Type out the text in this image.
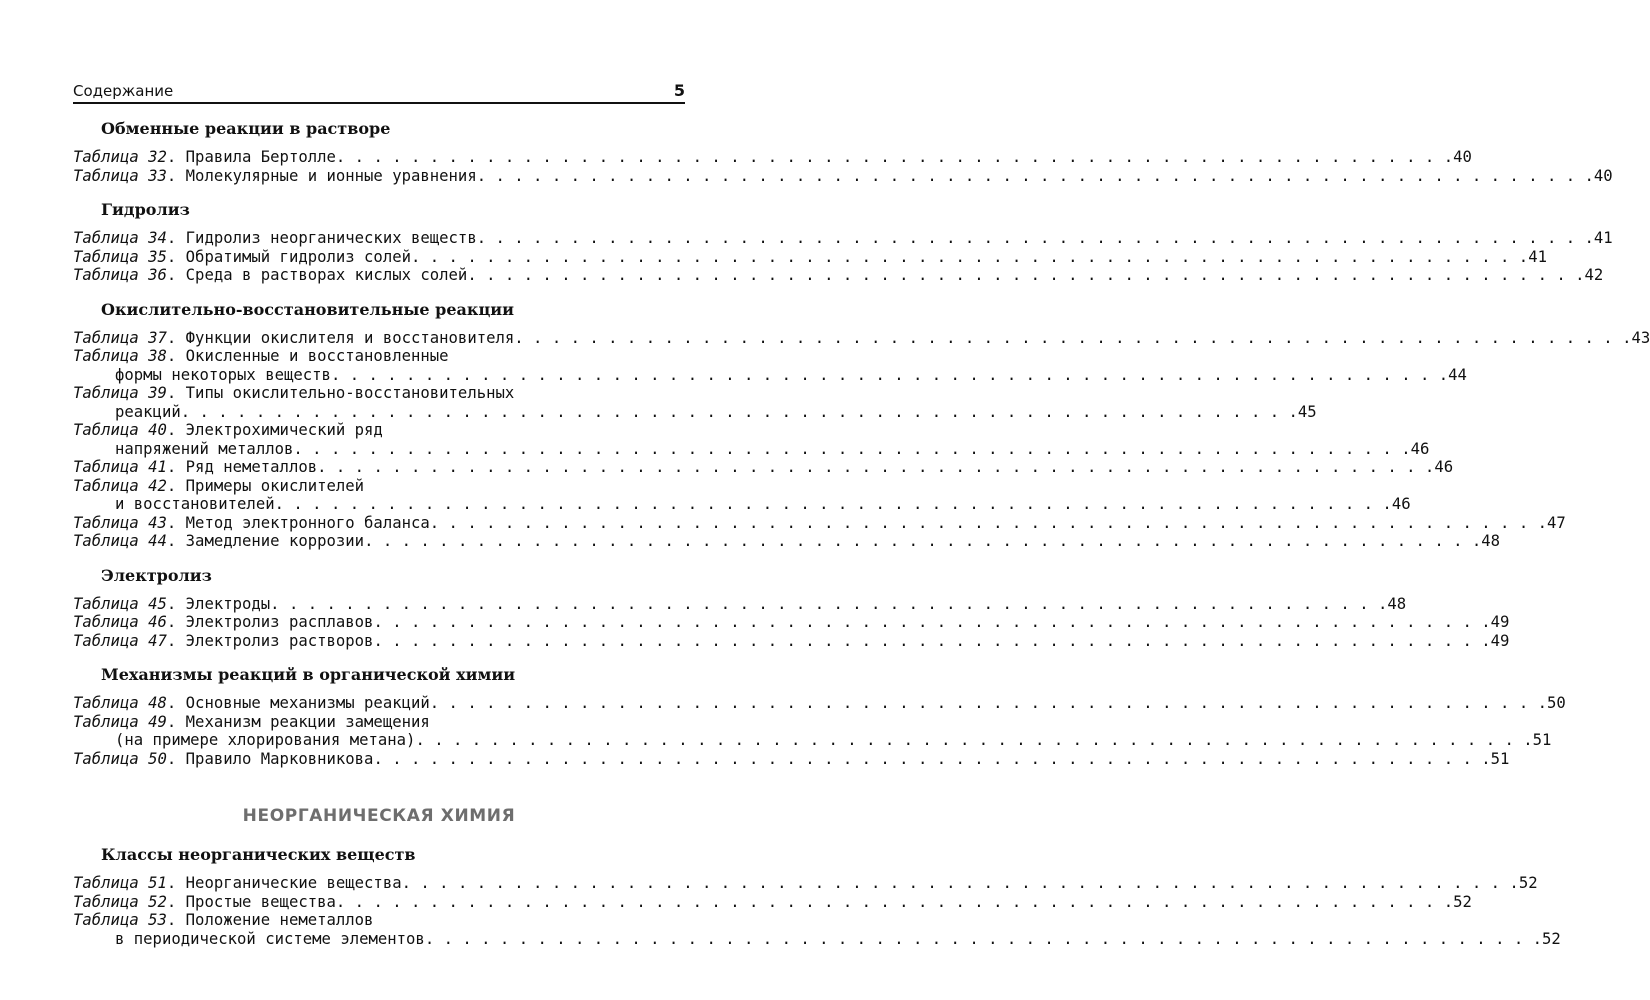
Содержание	5
Обменные реакции в растворе
Таблица 32 . Правила Бертолле . . . . . . . . . . . . . . . . . . . . . . . . . . . . . . . . . . . . . . . . . . . . . . . . . . . . . . . . . . . . 40
Таблица 33 . Молекулярные и ионные уравнения . . . . . . . . . . . . . . . . . . . . . . . . . . . . . . . . . . . . . . . . . . . . . . . . . . . . . . . . . . . . 40
Гидролиз
Таблица 34 . Гидролиз неорганических веществ . . . . . . . . . . . . . . . . . . . . . . . . . . . . . . . . . . . . . . . . . . . . . . . . . . . . . . . . . . . . 41
Таблица 35 . Обратимый гидролиз солей . . . . . . . . . . . . . . . . . . . . . . . . . . . . . . . . . . . . . . . . . . . . . . . . . . . . . . . . . . . . 41
Таблица 36 . Среда в растворах кислых солей . . . . . . . . . . . . . . . . . . . . . . . . . . . . . . . . . . . . . . . . . . . . . . . . . . . . . . . . . . . . 42
Окислительно-восстановительные реакции
Таблица 37 . Функции окислителя и восстановителя . . . . . . . . . . . . . . . . . . . . . . . . . . . . . . . . . . . . . . . . . . . . . . . . . . . . . . . . . . . . 43
Таблица 38 . Окисленные и восстановленные
формы некоторых веществ . . . . . . . . . . . . . . . . . . . . . . . . . . . . . . . . . . . . . . . . . . . . . . . . . . . . . . . . . . . . 44
Таблица 39 . Типы окислительно-восстановительных
реакций . . . . . . . . . . . . . . . . . . . . . . . . . . . . . . . . . . . . . . . . . . . . . . . . . . . . . . . . . . . . 45
Таблица 40 . Электрохимический ряд
напряжений металлов . . . . . . . . . . . . . . . . . . . . . . . . . . . . . . . . . . . . . . . . . . . . . . . . . . . . . . . . . . . . 46
Таблица 41 . Ряд неметаллов . . . . . . . . . . . . . . . . . . . . . . . . . . . . . . . . . . . . . . . . . . . . . . . . . . . . . . . . . . . . 46
Таблица 42 . Примеры окислителей
и восстановителей . . . . . . . . . . . . . . . . . . . . . . . . . . . . . . . . . . . . . . . . . . . . . . . . . . . . . . . . . . . . 46
Таблица 43 . Метод электронного баланса . . . . . . . . . . . . . . . . . . . . . . . . . . . . . . . . . . . . . . . . . . . . . . . . . . . . . . . . . . . . 47
Таблица 44 . Замедление коррозии . . . . . . . . . . . . . . . . . . . . . . . . . . . . . . . . . . . . . . . . . . . . . . . . . . . . . . . . . . . . 48
Электролиз
Таблица 45 . Электроды . . . . . . . . . . . . . . . . . . . . . . . . . . . . . . . . . . . . . . . . . . . . . . . . . . . . . . . . . . . . 48
Таблица 46 . Электролиз расплавов . . . . . . . . . . . . . . . . . . . . . . . . . . . . . . . . . . . . . . . . . . . . . . . . . . . . . . . . . . . . 49
Таблица 47 . Электролиз растворов . . . . . . . . . . . . . . . . . . . . . . . . . . . . . . . . . . . . . . . . . . . . . . . . . . . . . . . . . . . . 49
Механизмы реакций в органической химии
Таблица 48 . Основные механизмы реакций . . . . . . . . . . . . . . . . . . . . . . . . . . . . . . . . . . . . . . . . . . . . . . . . . . . . . . . . . . . . 50
Таблица 49 . Механизм реакции замещения
(на примере хлорирования метана) . . . . . . . . . . . . . . . . . . . . . . . . . . . . . . . . . . . . . . . . . . . . . . . . . . . . . . . . . . . . 51
Таблица 50 . Правило Марковникова . . . . . . . . . . . . . . . . . . . . . . . . . . . . . . . . . . . . . . . . . . . . . . . . . . . . . . . . . . . . 51
НЕОРГАНИЧЕСКАЯ ХИМИЯ
Классы неорганических веществ
Таблица 51 . Неорганические вещества . . . . . . . . . . . . . . . . . . . . . . . . . . . . . . . . . . . . . . . . . . . . . . . . . . . . . . . . . . . . 52
Таблица 52 . Простые вещества . . . . . . . . . . . . . . . . . . . . . . . . . . . . . . . . . . . . . . . . . . . . . . . . . . . . . . . . . . . . 52
Таблица 53 . Положение неметаллов
в периодической системе элементов . . . . . . . . . . . . . . . . . . . . . . . . . . . . . . . . . . . . . . . . . . . . . . . . . . . . . . . . . . . . 52
